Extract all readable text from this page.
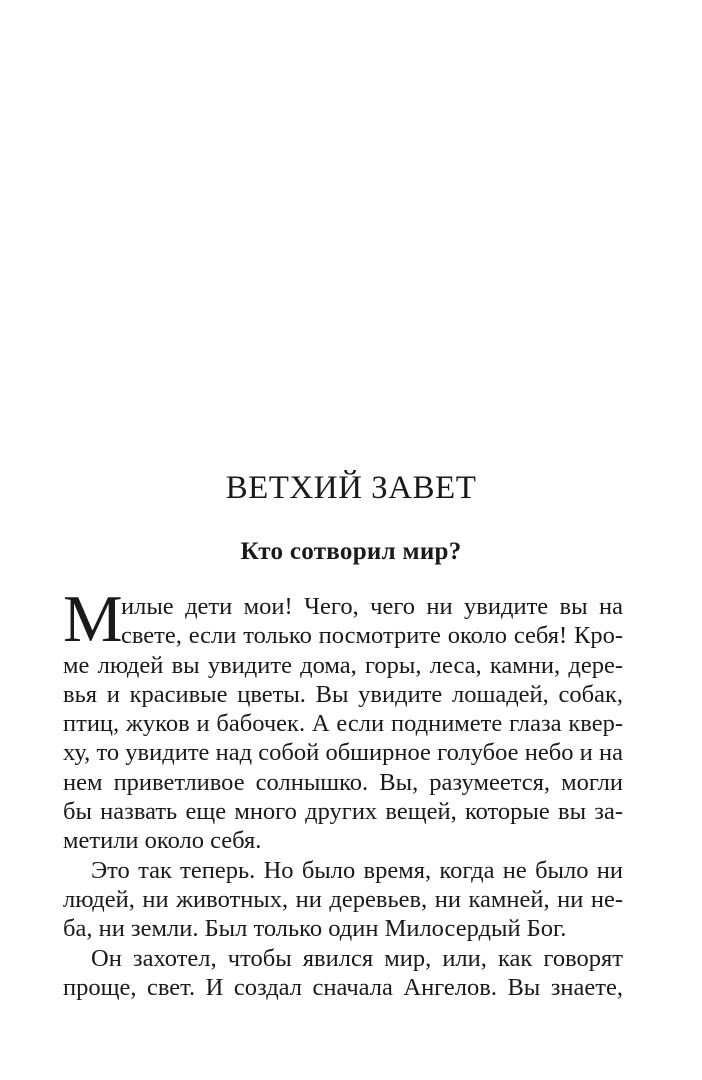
ВЕТХИЙ ЗАВЕТ
Кто сотворил мир?
М
илые дети мои! Чего, чего ни увидите вы на
свете, если только посмотрите около себя! Кро-
ме людей вы увидите дома, горы, леса, камни, дере-
вья и красивые цветы. Вы увидите лошадей, собак,
птиц, жуков и бабочек. А если поднимете глаза квер-
ху, то увидите над собой обширное голубое небо и на
нем приветливое солнышко. Вы, разумеется, могли
бы назвать еще много других вещей, которые вы за-
метили около себя.
Это так теперь. Но было время, когда не было ни
людей, ни животных, ни деревьев, ни камней, ни не-
ба, ни земли. Был только один Милосердый Бог.
Он захотел, чтобы явился мир, или, как говорят
проще, свет. И создал сначала Ангелов. Вы знаете,
